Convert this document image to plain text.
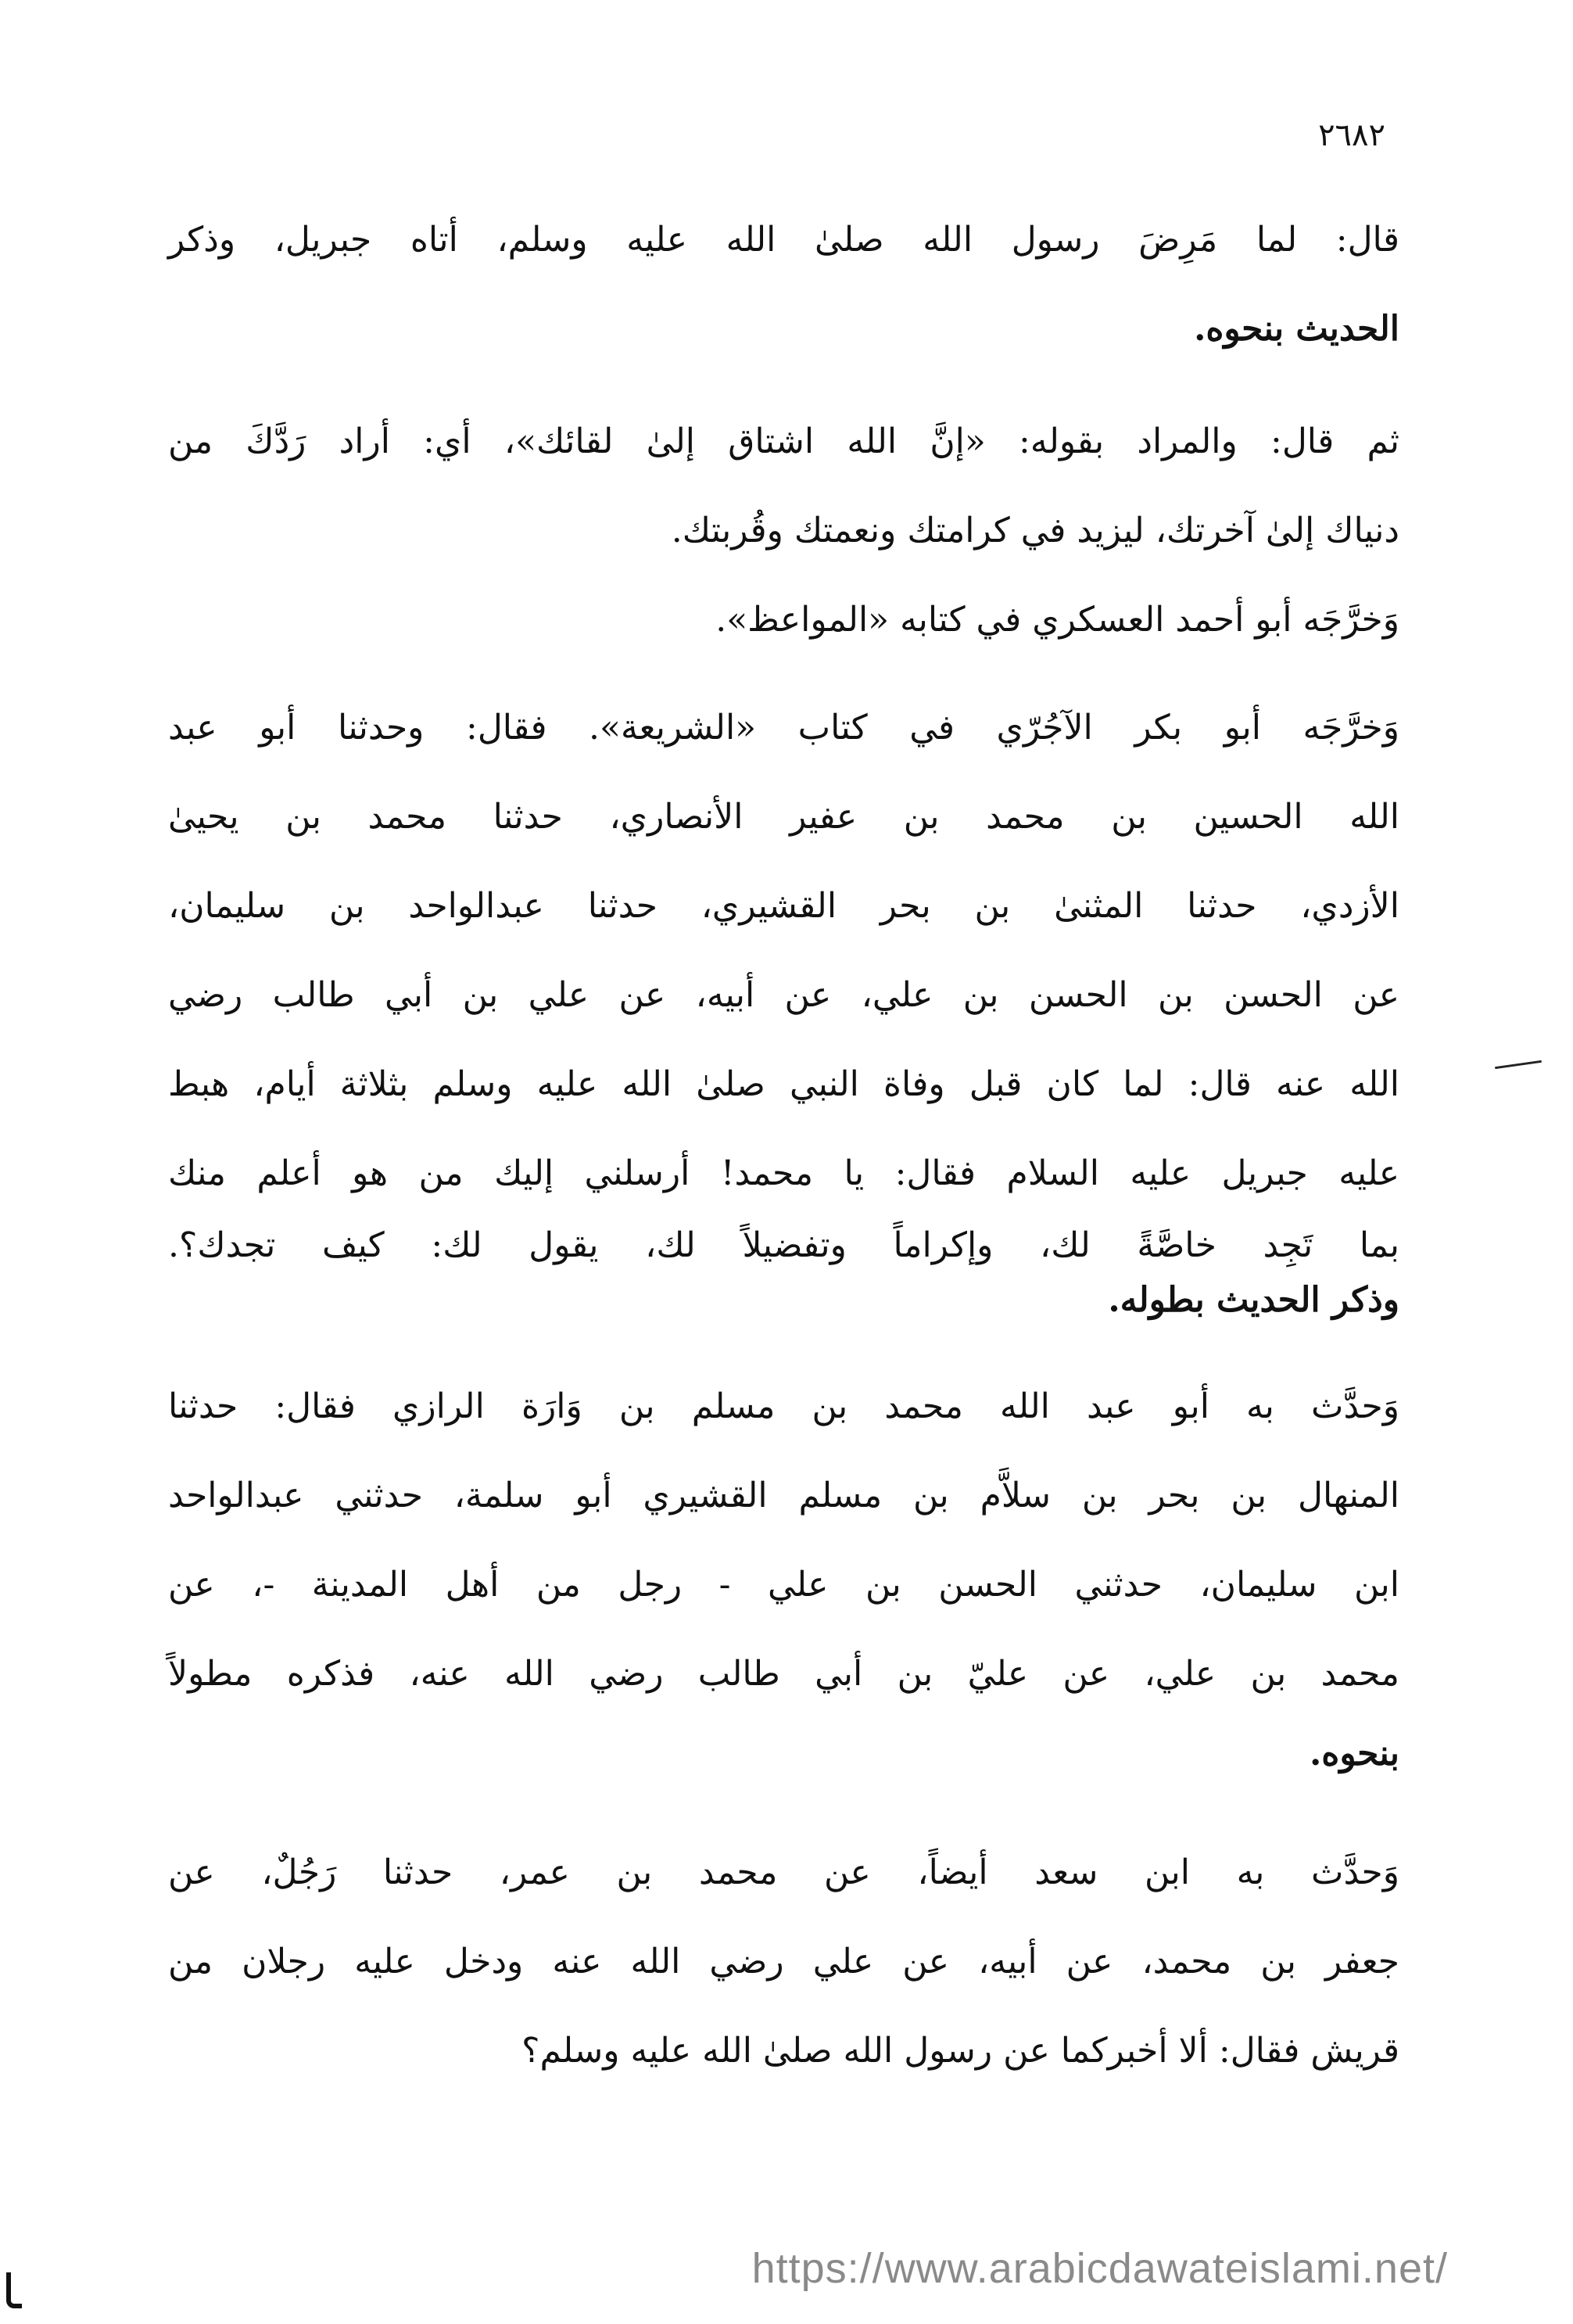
٢٦٨٢

قال: لما مَرِضَ رسول الله صلىٰ الله عليه وسلم، أتاه جبريل، وذكر
الحديث بنحوه.

ثم قال: والمراد بقوله: «إنَّ الله اشتاق إلىٰ لقائك»، أي: أراد رَدَّكَ من
دنياك إلىٰ آخرتك، ليزيد في كرامتك ونعمتك وقُربتك.

وَخرَّجَه أبو أحمد العسكري في كتابه «المواعظ».

وَخرَّجَه أبو بكر الآجُرّي في كتاب «الشريعة». فقال: وحدثنا أبو عبد
الله الحسين بن محمد بن عفير الأنصاري، حدثنا محمد بن يحيىٰ
الأزدي، حدثنا المثنىٰ بن بحر القشيري، حدثنا عبدالواحد بن سليمان،
عن الحسن بن الحسن بن علي، عن أبيه، عن علي بن أبي طالب رضي
الله عنه قال: لما كان قبل وفاة النبي صلىٰ الله عليه وسلم بثلاثة أيام، هبط
عليه جبريل عليه السلام فقال: يا محمد! أرسلني إليك من هو أعلم منك
بما تَجِد خاصَّةً لك، وإكراماً وتفضيلاً لك، يقول لك: كيف تجدك؟.
وذكر الحديث بطوله.

وَحدَّث به أبو عبد الله محمد بن مسلم بن وَارَة الرازي فقال: حدثنا
المنهال بن بحر بن سلاَّم بن مسلم القشيري أبو سلمة، حدثني عبدالواحد
ابن سليمان، حدثني الحسن بن علي - رجل من أهل المدينة -، عن
محمد بن علي، عن عليّ بن أبي طالب رضي الله عنه، فذكره مطولاً
بنحوه.

وَحدَّث به ابن سعد أيضاً، عن محمد بن عمر، حدثنا رَجُلٌ، عن
جعفر بن محمد، عن أبيه، عن علي رضي الله عنه ودخل عليه رجلان من
قريش فقال: ألا أخبركما عن رسول الله صلىٰ الله عليه وسلم؟

https://www.arabicdawateislami.net/
